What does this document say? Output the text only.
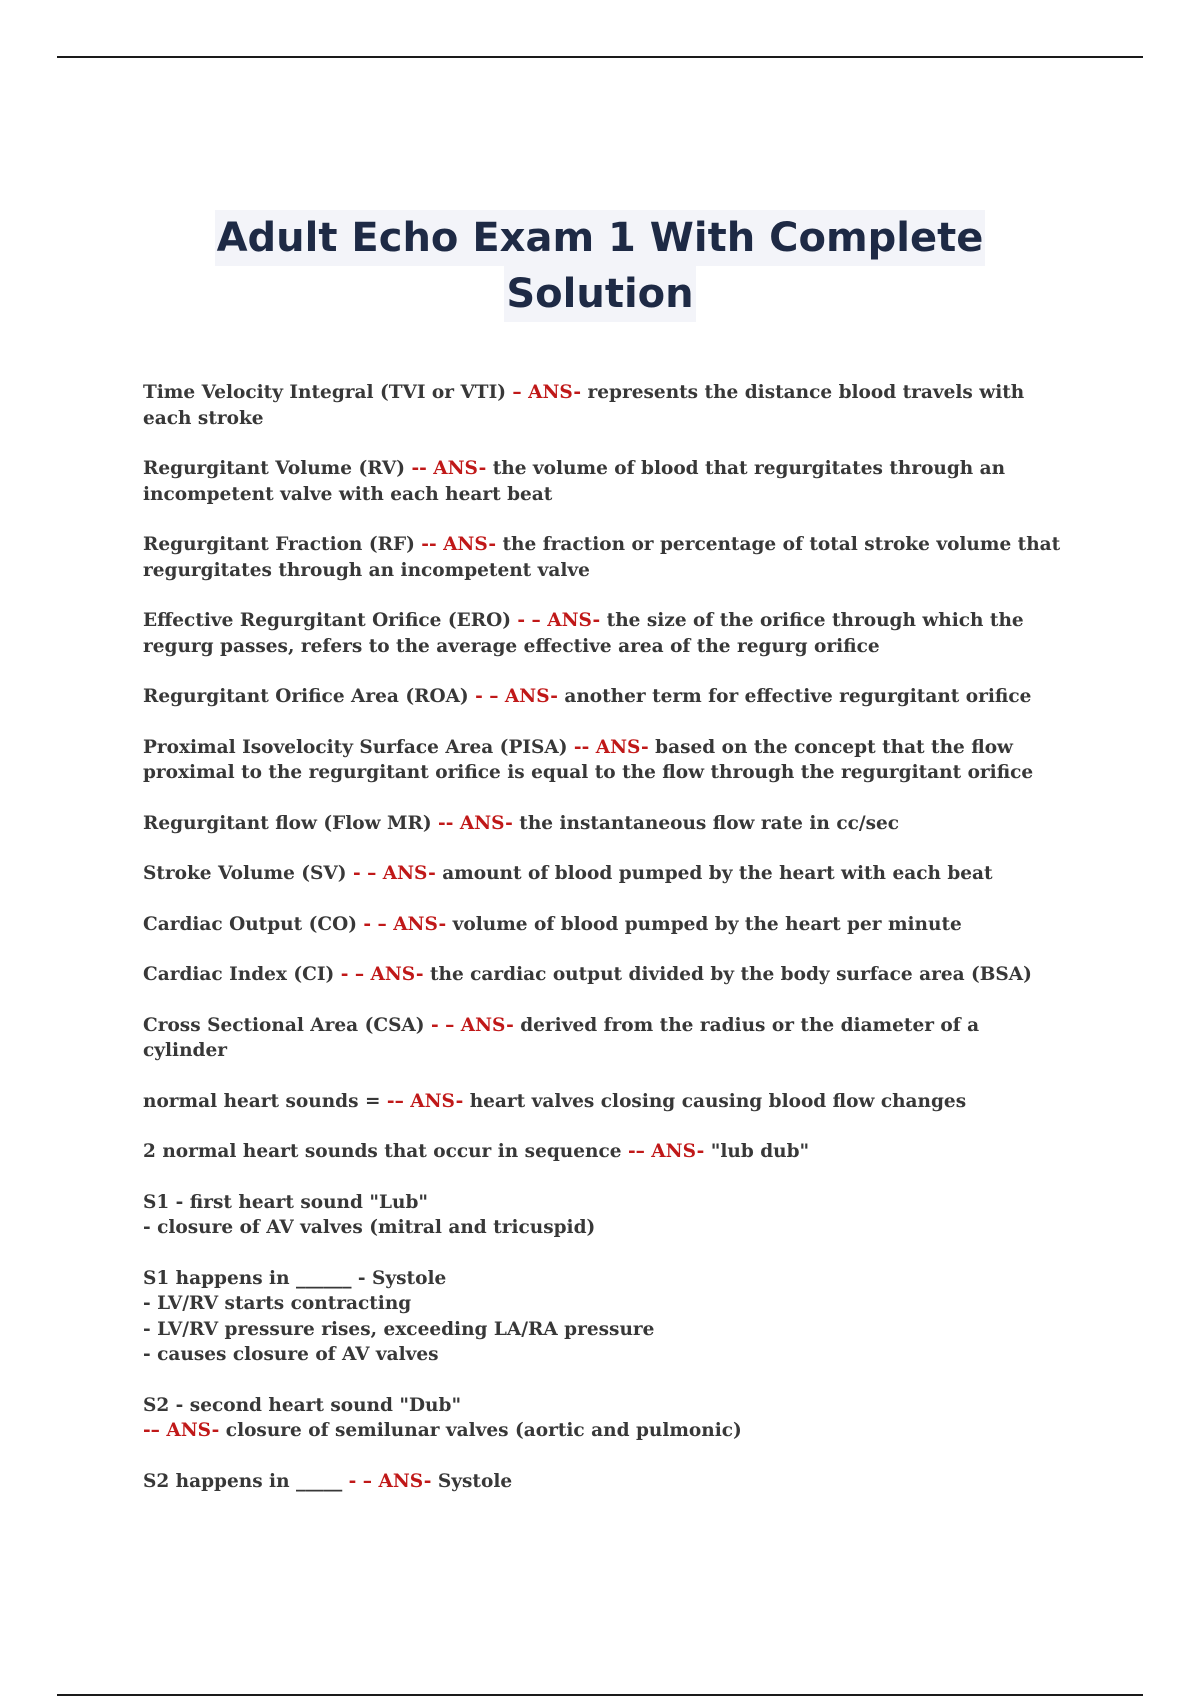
Adult Echo Exam 1 With Complete
Solution

Time Velocity Integral (TVI or VTI) – ANS- represents the distance blood travels with each stroke

Regurgitant Volume (RV) -- ANS- the volume of blood that regurgitates through an incompetent valve with each heart beat

Regurgitant Fraction (RF) -- ANS- the fraction or percentage of total stroke volume that regurgitates through an incompetent valve

Effective Regurgitant Orifice (ERO) - – ANS- the size of the orifice through which the regurg passes, refers to the average effective area of the regurg orifice

Regurgitant Orifice Area (ROA) - – ANS- another term for effective regurgitant orifice

Proximal Isovelocity Surface Area (PISA) -- ANS- based on the concept that the flow proximal to the regurgitant orifice is equal to the flow through the regurgitant orifice

Regurgitant flow (Flow MR) -- ANS- the instantaneous flow rate in cc/sec

Stroke Volume (SV) - – ANS- amount of blood pumped by the heart with each beat

Cardiac Output (CO) - – ANS- volume of blood pumped by the heart per minute

Cardiac Index (CI) - – ANS- the cardiac output divided by the body surface area (BSA)

Cross Sectional Area (CSA) - – ANS- derived from the radius or the diameter of a cylinder

normal heart sounds = -– ANS- heart valves closing causing blood flow changes

2 normal heart sounds that occur in sequence -– ANS- "lub dub"

S1 - first heart sound "Lub"
- closure of AV valves (mitral and tricuspid)

S1 happens in ______ - Systole
- LV/RV starts contracting
- LV/RV pressure rises, exceeding LA/RA pressure
- causes closure of AV valves

S2 - second heart sound "Dub"
-– ANS- closure of semilunar valves (aortic and pulmonic)

S2 happens in _____ - – ANS- Systole
